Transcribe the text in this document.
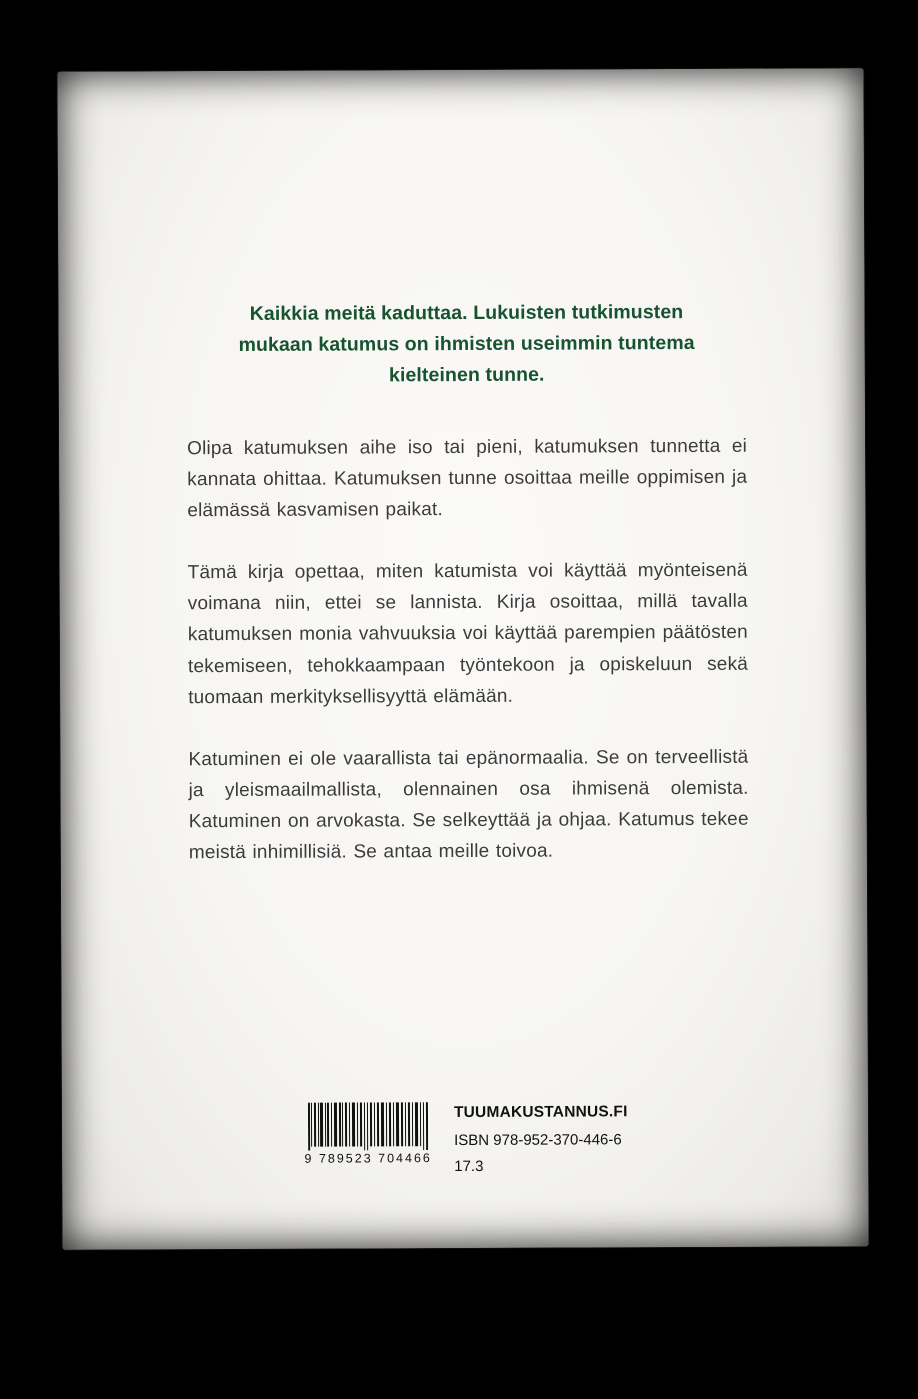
Kaikkia meitä kaduttaa. Lukuisten tutkimusten mukaan katumus on ihmisten useimmin tuntema kielteinen tunne.

Olipa katumuksen aihe iso tai pieni, katumuksen tunnetta ei kannata ohittaa. Katumuksen tunne osoittaa meille oppimisen ja elämässä kasvamisen paikat.

Tämä kirja opettaa, miten katumista voi käyttää myönteisenä voimana niin, ettei se lannista. Kirja osoittaa, millä tavalla katumuksen monia vahvuuksia voi käyttää parempien päätösten tekemiseen, tehokkaampaan työntekoon ja opiskeluun sekä tuomaan merkityksellisyyttä elämään.

Katuminen ei ole vaarallista tai epänormaalia. Se on terveellistä ja yleismaailmallista, olennainen osa ihmisenä olemista. Katuminen on arvokasta. Se selkeyttää ja ohjaa. Katumus tekee meistä inhimillisiä. Se antaa meille toivoa.

9 789523 704466
TUUMAKUSTANNUS.FI
ISBN 978-952-370-446-6
17.3
